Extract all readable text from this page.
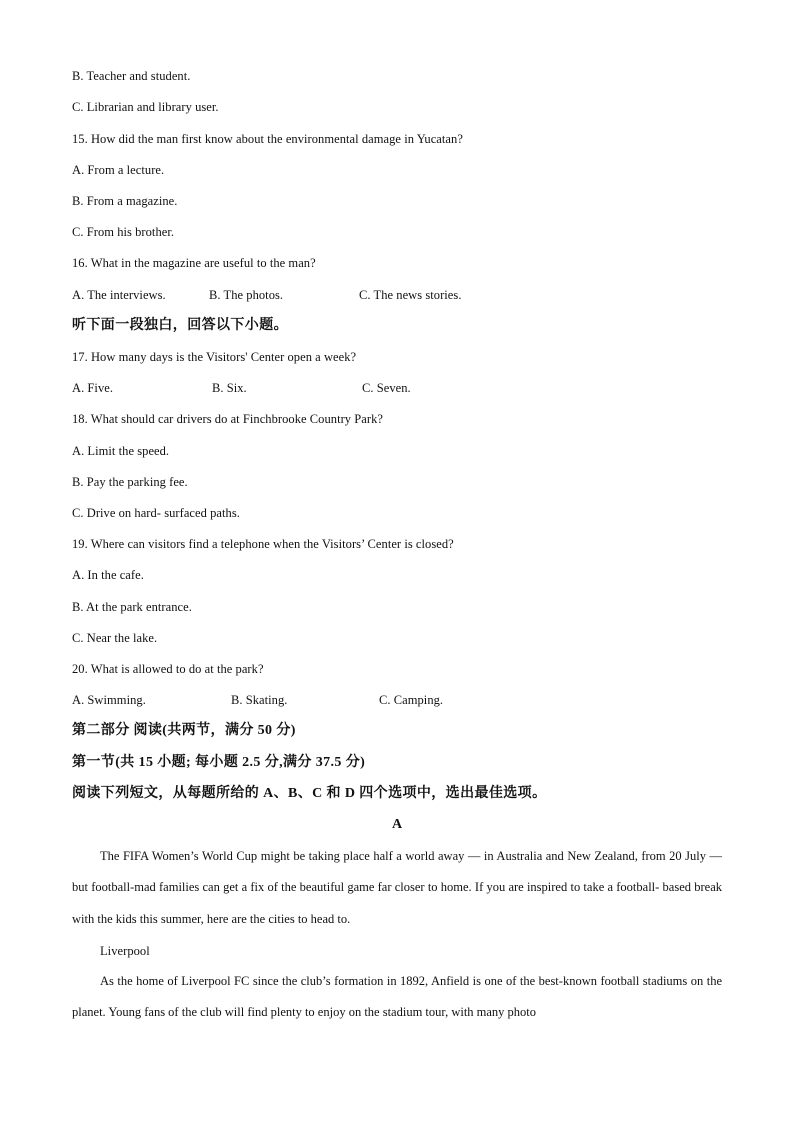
B. Teacher and student.
C. Librarian and library user.
15. How did the man first know about the environmental damage in Yucatan?
A. From a lecture.
B. From a magazine.
C. From his brother.
16. What in the magazine are useful to the man?
A. The interviews.	B. The photos.	C. The news stories.
听下面一段独白，回答以下小题。
17. How many days is the Visitors' Center open a week?
A. Five.	B. Six.	C. Seven.
18. What should car drivers do at Finchbrooke Country Park?
A. Limit the speed.
B. Pay the parking fee.
C. Drive on hard- surfaced paths.
19. Where can visitors find a telephone when the Visitors’ Center is closed?
A. In the cafe.
B. At the park entrance.
C. Near the lake.
20. What is allowed to do at the park?
A. Swimming.	B. Skating.	C. Camping.
第二部分 阅读(共两节，满分 50 分)
第一节(共 15 小题; 每小题 2.5 分,满分 37.5 分)
阅读下列短文，从每题所给的 A、B、C 和 D 四个选项中，选出最佳选项。
A
The FIFA Women’s World Cup might be taking place half a world away — in Australia and New Zealand, from 20 July — but football-mad families can get a fix of the beautiful game far closer to home. If you are inspired to take a football- based break with the kids this summer, here are the cities to head to.
Liverpool
As the home of Liverpool FC since the club’s formation in 1892, Anfield is one of the best-known football stadiums on the planet. Young fans of the club will find plenty to enjoy on the stadium tour, with many photo
